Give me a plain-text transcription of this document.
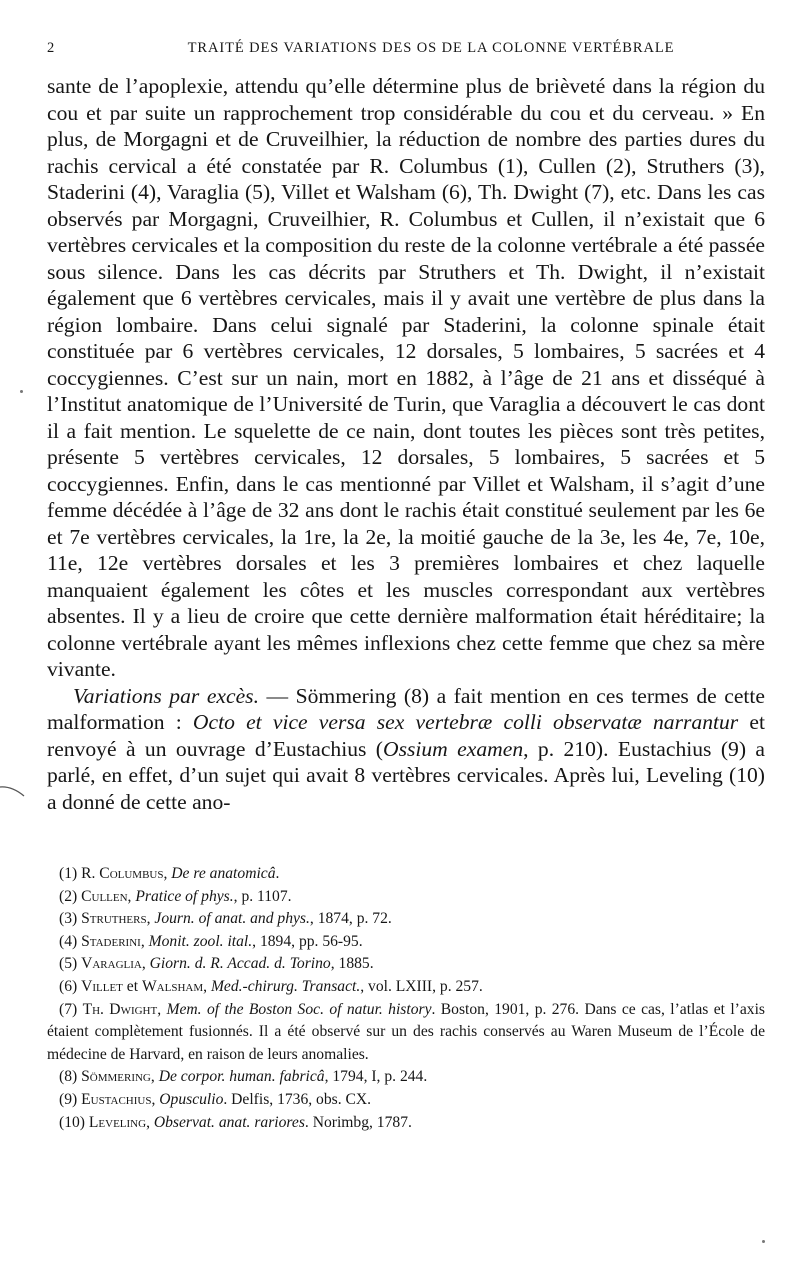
2	TRAITÉ DES VARIATIONS DES OS DE LA COLONNE VERTÉBRALE

sante de l’apoplexie, attendu qu’elle détermine plus de brièveté dans la région du cou et par suite un rapprochement trop considérable du cou et du cerveau. » En plus, de Morgagni et de Cruveilhier, la réduction de nombre des parties dures du rachis cervical a été constatée par R. Columbus (1), Cullen (2), Struthers (3), Staderini (4), Varaglia (5), Villet et Walsham (6), Th. Dwight (7), etc. Dans les cas observés par Morgagni, Cruveilhier, R. Columbus et Cullen, il n’existait que 6 vertèbres cervicales et la composition du reste de la colonne vertébrale a été passée sous silence. Dans les cas décrits par Struthers et Th. Dwight, il n’existait également que 6 vertèbres cervicales, mais il y avait une vertèbre de plus dans la région lombaire. Dans celui signalé par Staderini, la colonne spinale était constituée par 6 vertèbres cervicales, 12 dorsales, 5 lombaires, 5 sacrées et 4 coccygiennes. C’est sur un nain, mort en 1882, à l’âge de 21 ans et disséqué à l’Institut anatomique de l’Université de Turin, que Varaglia a découvert le cas dont il a fait mention. Le squelette de ce nain, dont toutes les pièces sont très petites, présente 5 vertèbres cervicales, 12 dorsales, 5 lombaires, 5 sacrées et 5 coccygiennes. Enfin, dans le cas mentionné par Villet et Walsham, il s’agit d’une femme décédée à l’âge de 32 ans dont le rachis était constitué seulement par les 6e et 7e vertèbres cervicales, la 1re, la 2e, la moitié gauche de la 3e, les 4e, 7e, 10e, 11e, 12e vertèbres dorsales et les 3 premières lombaires et chez laquelle manquaient également les côtes et les muscles correspondant aux vertèbres absentes. Il y a lieu de croire que cette dernière malformation était héréditaire; la colonne vertébrale ayant les mêmes inflexions chez cette femme que chez sa mère vivante.

Variations par excès. — Sömmering (8) a fait mention en ces termes de cette malformation : Octo et vice versa sex vertebræ colli observatæ narrantur et renvoyé à un ouvrage d’Eustachius (Ossium examen, p. 210). Eustachius (9) a parlé, en effet, d’un sujet qui avait 8 vertèbres cervicales. Après lui, Leveling (10) a donné de cette ano-

(1) R. Columbus, De re anatomicâ.

(2) Cullen, Pratice of phys., p. 1107.

(3) Struthers, Journ. of anat. and phys., 1874, p. 72.

(4) Staderini, Monit. zool. ital., 1894, pp. 56-95.

(5) Varaglia, Giorn. d. R. Accad. d. Torino, 1885.

(6) Villet et Walsham, Med.-chirurg. Transact., vol. LXIII, p. 257.

(7) Th. Dwight, Mem. of the Boston Soc. of natur. history. Boston, 1901, p. 276. Dans ce cas, l’atlas et l’axis étaient complètement fusionnés. Il a été observé sur un des rachis conservés au Waren Museum de l’École de médecine de Harvard, en raison de leurs anomalies.

(8) Sömmering, De corpor. human. fabricâ, 1794, I, p. 244.

(9) Eustachius, Opusculio. Delfis, 1736, obs. CX.

(10) Leveling, Observat. anat. rariores. Norimbg, 1787.
